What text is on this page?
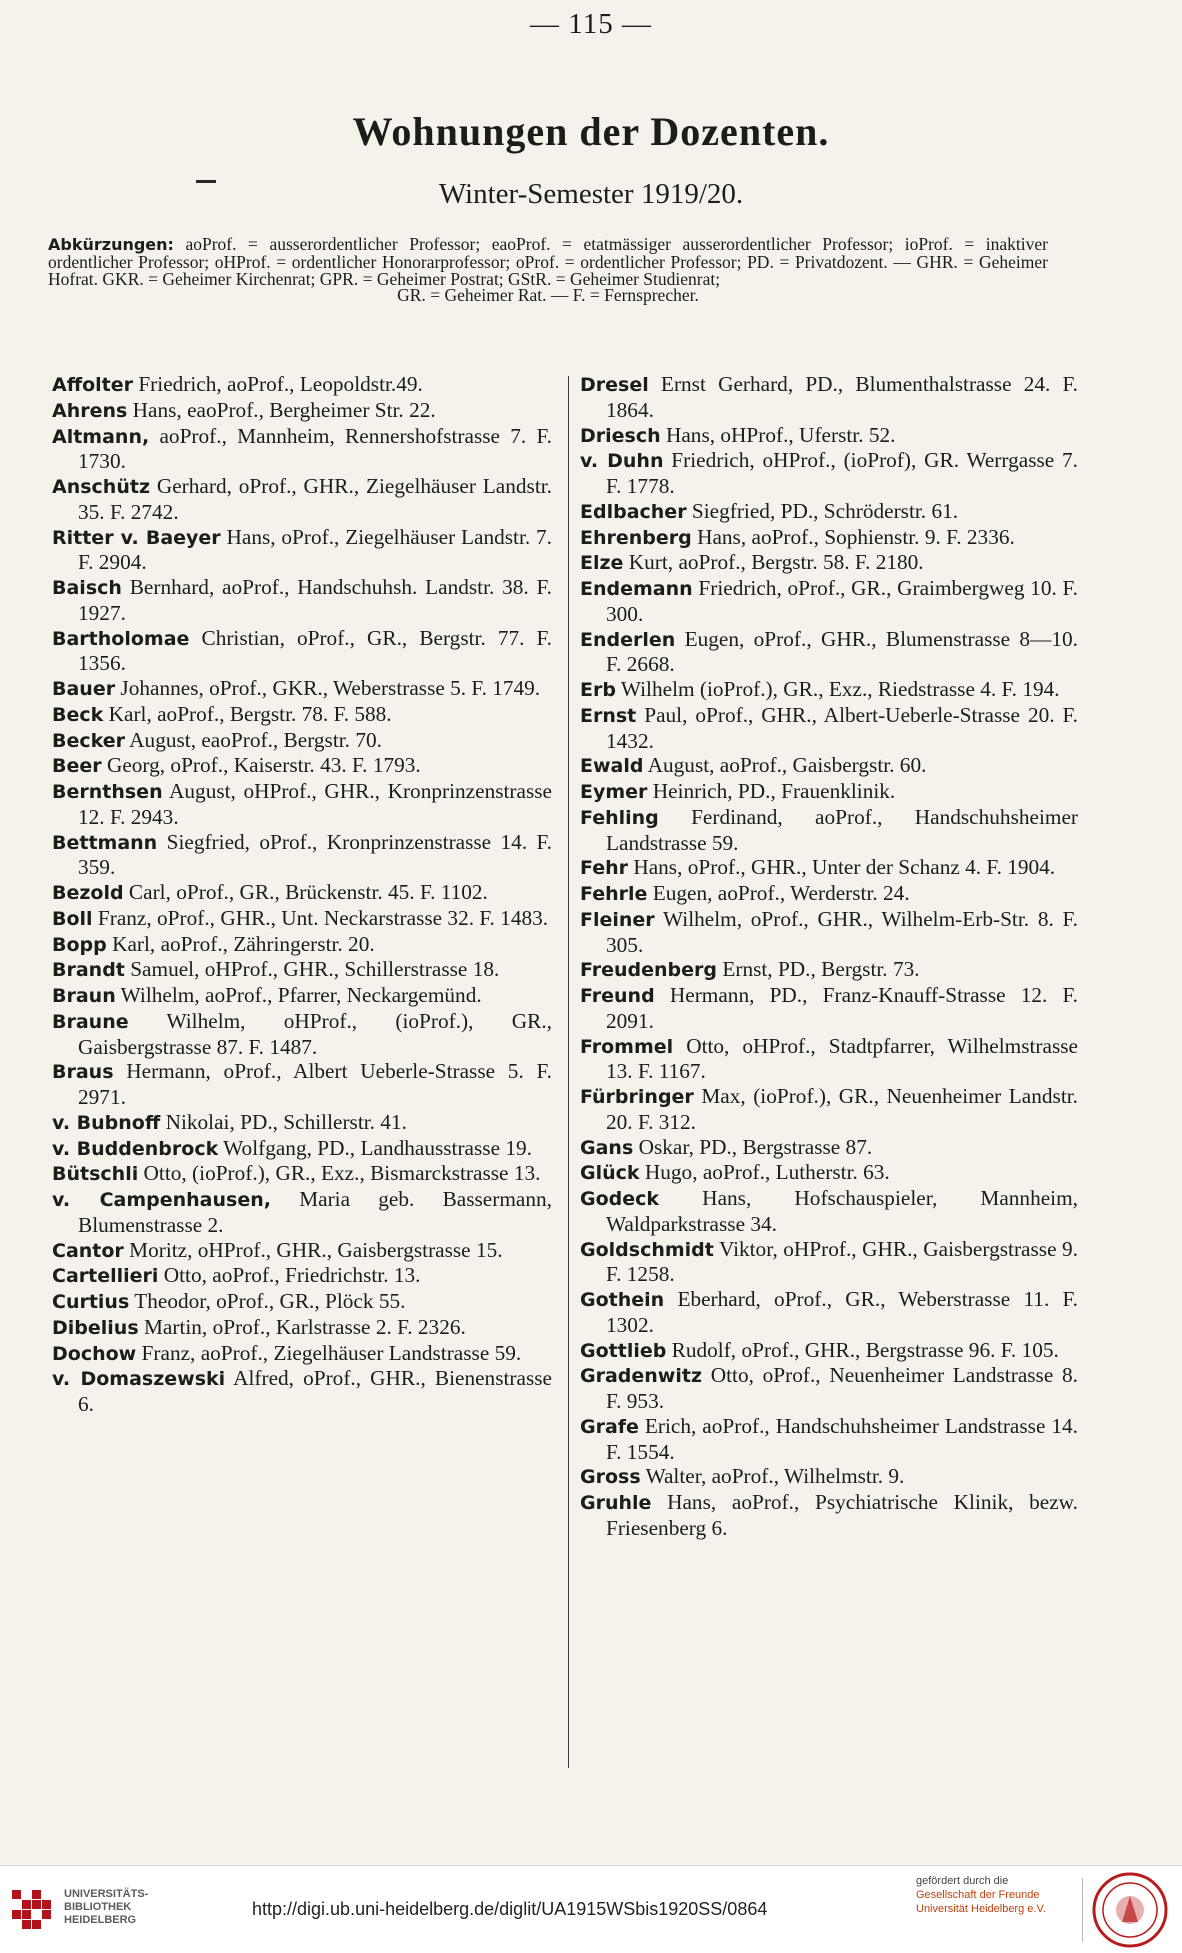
— 115 —
Wohnungen der Dozenten.
Winter-Semester 1919/20.
Abkürzungen: aoProf. = ausserordentlicher Professor; eaoProf. = etatmässiger ausserordentlicher Professor; ioProf. = inaktiver ordentlicher Professor; oHProf. = ordentlicher Honorarprofessor; oProf. = ordentlicher Professor; PD. = Privatdozent. — GHR. = Geheimer Hofrat. GKR. = Geheimer Kirchenrat; GPR. = Geheimer Postrat; GStR. = Geheimer Studienrat;
GR. = Geheimer Rat. — F. = Fernsprecher.
Affolter Friedrich, aoProf., Leopoldstr.49.
Ahrens Hans, eaoProf., Bergheimer Str. 22.
Altmann, aoProf., Mannheim, Rennershofstrasse 7. F. 1730.
Anschütz Gerhard, oProf., GHR., Ziegelhäuser Landstr. 35. F. 2742.
Ritter v. Baeyer Hans, oProf., Ziegelhäuser Landstr. 7. F. 2904.
Baisch Bernhard, aoProf., Handschuhsh. Landstr. 38. F. 1927.
Bartholomae Christian, oProf., GR., Bergstr. 77. F. 1356.
Bauer Johannes, oProf., GKR., Weberstrasse 5. F. 1749.
Beck Karl, aoProf., Bergstr. 78. F. 588.
Becker August, eaoProf., Bergstr. 70.
Beer Georg, oProf., Kaiserstr. 43. F. 1793.
Bernthsen August, oHProf., GHR., Kronprinzenstrasse 12. F. 2943.
Bettmann Siegfried, oProf., Kronprinzenstrasse 14. F. 359.
Bezold Carl, oProf., GR., Brückenstr. 45. F. 1102.
Boll Franz, oProf., GHR., Unt. Neckarstrasse 32. F. 1483.
Bopp Karl, aoProf., Zähringerstr. 20.
Brandt Samuel, oHProf., GHR., Schillerstrasse 18.
Braun Wilhelm, aoProf., Pfarrer, Neckargemünd.
Braune Wilhelm, oHProf., (ioProf.), GR., Gaisbergstrasse 87. F. 1487.
Braus Hermann, oProf., Albert Ueberle-Strasse 5. F. 2971.
v. Bubnoff Nikolai, PD., Schillerstr. 41.
v. Buddenbrock Wolfgang, PD., Landhausstrasse 19.
Bütschli Otto, (ioProf.), GR., Exz., Bismarckstrasse 13.
v. Campenhausen, Maria geb. Bassermann, Blumenstrasse 2.
Cantor Moritz, oHProf., GHR., Gaisbergstrasse 15.
Cartellieri Otto, aoProf., Friedrichstr. 13.
Curtius Theodor, oProf., GR., Plöck 55.
Dibelius Martin, oProf., Karlstrasse 2. F. 2326.
Dochow Franz, aoProf., Ziegelhäuser Landstrasse 59.
v. Domaszewski Alfred, oProf., GHR., Bienenstrasse 6.
Dresel Ernst Gerhard, PD., Blumenthalstrasse 24. F. 1864.
Driesch Hans, oHProf., Uferstr. 52.
v. Duhn Friedrich, oHProf., (ioProf), GR. Werrgasse 7. F. 1778.
Edlbacher Siegfried, PD., Schröderstr. 61.
Ehrenberg Hans, aoProf., Sophienstr. 9. F. 2336.
Elze Kurt, aoProf., Bergstr. 58. F. 2180.
Endemann Friedrich, oProf., GR., Graimbergweg 10. F. 300.
Enderlen Eugen, oProf., GHR., Blumenstrasse 8—10. F. 2668.
Erb Wilhelm (ioProf.), GR., Exz., Riedstrasse 4. F. 194.
Ernst Paul, oProf., GHR., Albert-Ueberle-Strasse 20. F. 1432.
Ewald August, aoProf., Gaisbergstr. 60.
Eymer Heinrich, PD., Frauenklinik.
Fehling Ferdinand, aoProf., Handschuhsheimer Landstrasse 59.
Fehr Hans, oProf., GHR., Unter der Schanz 4. F. 1904.
Fehrle Eugen, aoProf., Werderstr. 24.
Fleiner Wilhelm, oProf., GHR., Wilhelm-Erb-Str. 8. F. 305.
Freudenberg Ernst, PD., Bergstr. 73.
Freund Hermann, PD., Franz-Knauff-Strasse 12. F. 2091.
Frommel Otto, oHProf., Stadtpfarrer, Wilhelmstrasse 13. F. 1167.
Fürbringer Max, (ioProf.), GR., Neuenheimer Landstr. 20. F. 312.
Gans Oskar, PD., Bergstrasse 87.
Glück Hugo, aoProf., Lutherstr. 63.
Godeck Hans, Hofschauspieler, Mannheim, Waldparkstrasse 34.
Goldschmidt Viktor, oHProf., GHR., Gaisbergstrasse 9. F. 1258.
Gothein Eberhard, oProf., GR., Weberstrasse 11. F. 1302.
Gottlieb Rudolf, oProf., GHR., Bergstrasse 96. F. 105.
Gradenwitz Otto, oProf., Neuenheimer Landstrasse 8. F. 953.
Grafe Erich, aoProf., Handschuhsheimer Landstrasse 14. F. 1554.
Gross Walter, aoProf., Wilhelmstr. 9.
Gruhle Hans, aoProf., Psychiatrische Klinik, bezw. Friesenberg 6.
UNIVERSITÄTS-
BIBLIOTHEK
HEIDELBERG
http://digi.ub.uni-heidelberg.de/diglit/UA1915WSbis1920SS/0864
gefördert durch die
Gesellschaft der Freunde
Universität Heidelberg e.V.
